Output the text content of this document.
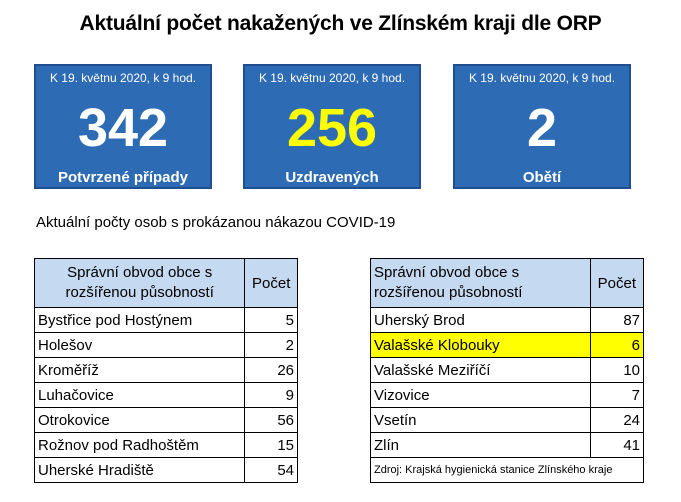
Aktuální počet nakažených ve Zlínském kraji dle ORP
K 19. květnu 2020, k 9 hod.
342
Potvrzené případy
K 19. květnu 2020, k 9 hod.
256
Uzdravených
K 19. květnu 2020, k 9 hod.
2
Obětí
Aktuální počty osob s prokázanou nákazou COVID-19
Správní obvod obce s
rozšířenou působností	Počet
Bystřice pod Hostýnem	5
Holešov	2
Kroměříž	26
Luhačovice	9
Otrokovice	56
Rožnov pod Radhoštěm	15
Uherské Hradiště	54
Správní obvod obce s
rozšířenou působností	Počet
Uherský Brod	87
Valašské Klobouky	6
Valašské Meziříčí	10
Vizovice	7
Vsetín	24
Zlín	41
Zdroj: Krajská hygienická stanice Zlínského kraje	
